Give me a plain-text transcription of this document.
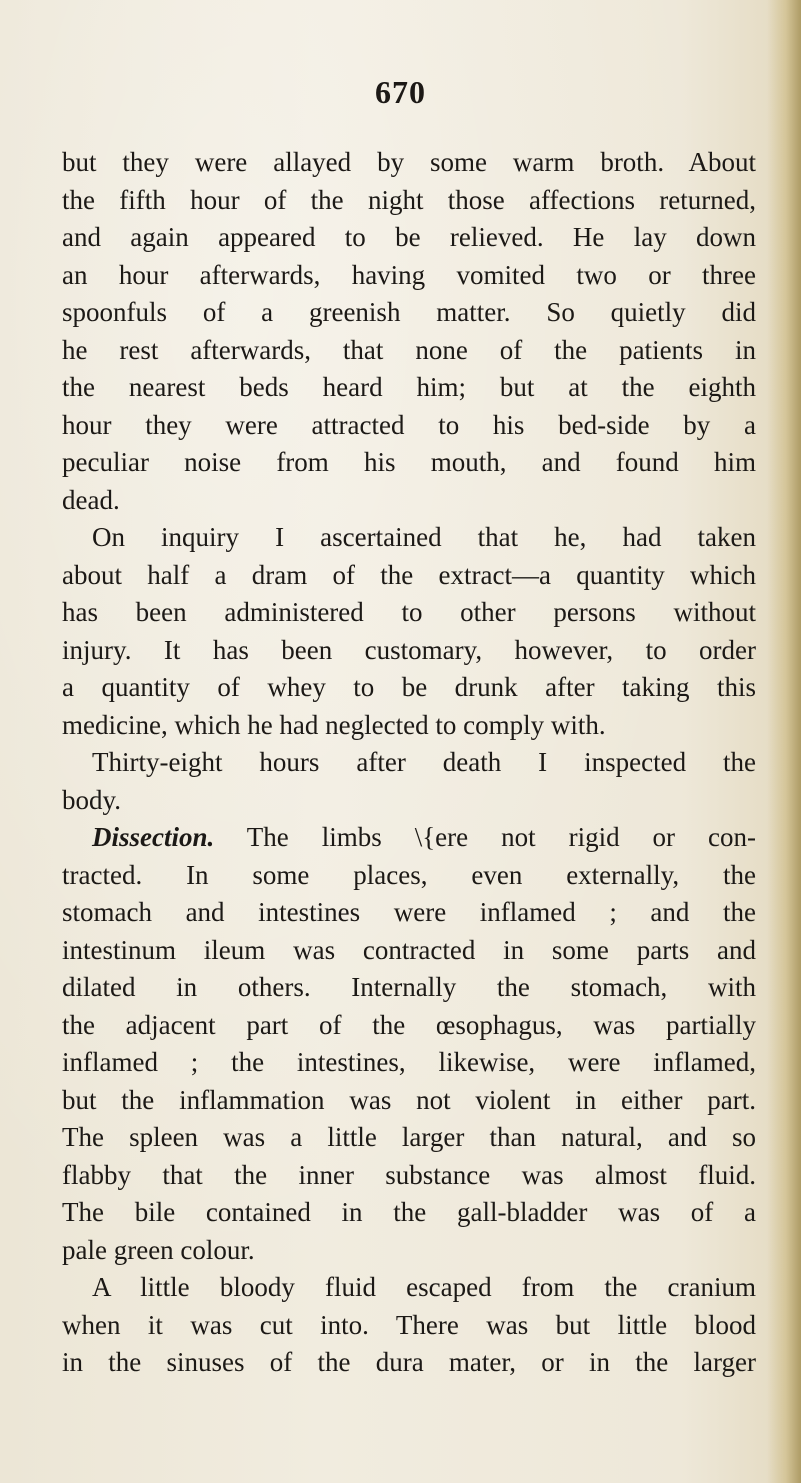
670
but they were allayed by some warm broth. About
the fifth hour of the night those affections returned,
and again appeared to be relieved. He lay down
an hour afterwards, having vomited two or three
spoonfuls of a greenish matter. So quietly did
he rest afterwards, that none of the patients in
the nearest beds heard him; but at the eighth
hour they were attracted to his bed-side by a
peculiar noise from his mouth, and found him
dead.
On inquiry I ascertained that he, had taken
about half a dram of the extract—a quantity which
has been administered to other persons without
injury. It has been customary, however, to order
a quantity of whey to be drunk after taking this
medicine, which he had neglected to comply with.
Thirty-eight hours after death I inspected the
body.
Dissection. The limbs \{ere not rigid or con-
tracted. In some places, even externally, the
stomach and intestines were inflamed ; and the
intestinum ileum was contracted in some parts and
dilated in others. Internally the stomach, with
the adjacent part of the œsophagus, was partially
inflamed ; the intestines, likewise, were inflamed,
but the inflammation was not violent in either part.
The spleen was a little larger than natural, and so
flabby that the inner substance was almost fluid.
The bile contained in the gall-bladder was of a
pale green colour.
A little bloody fluid escaped from the cranium
when it was cut into. There was but little blood
in the sinuses of the dura mater, or in the larger
